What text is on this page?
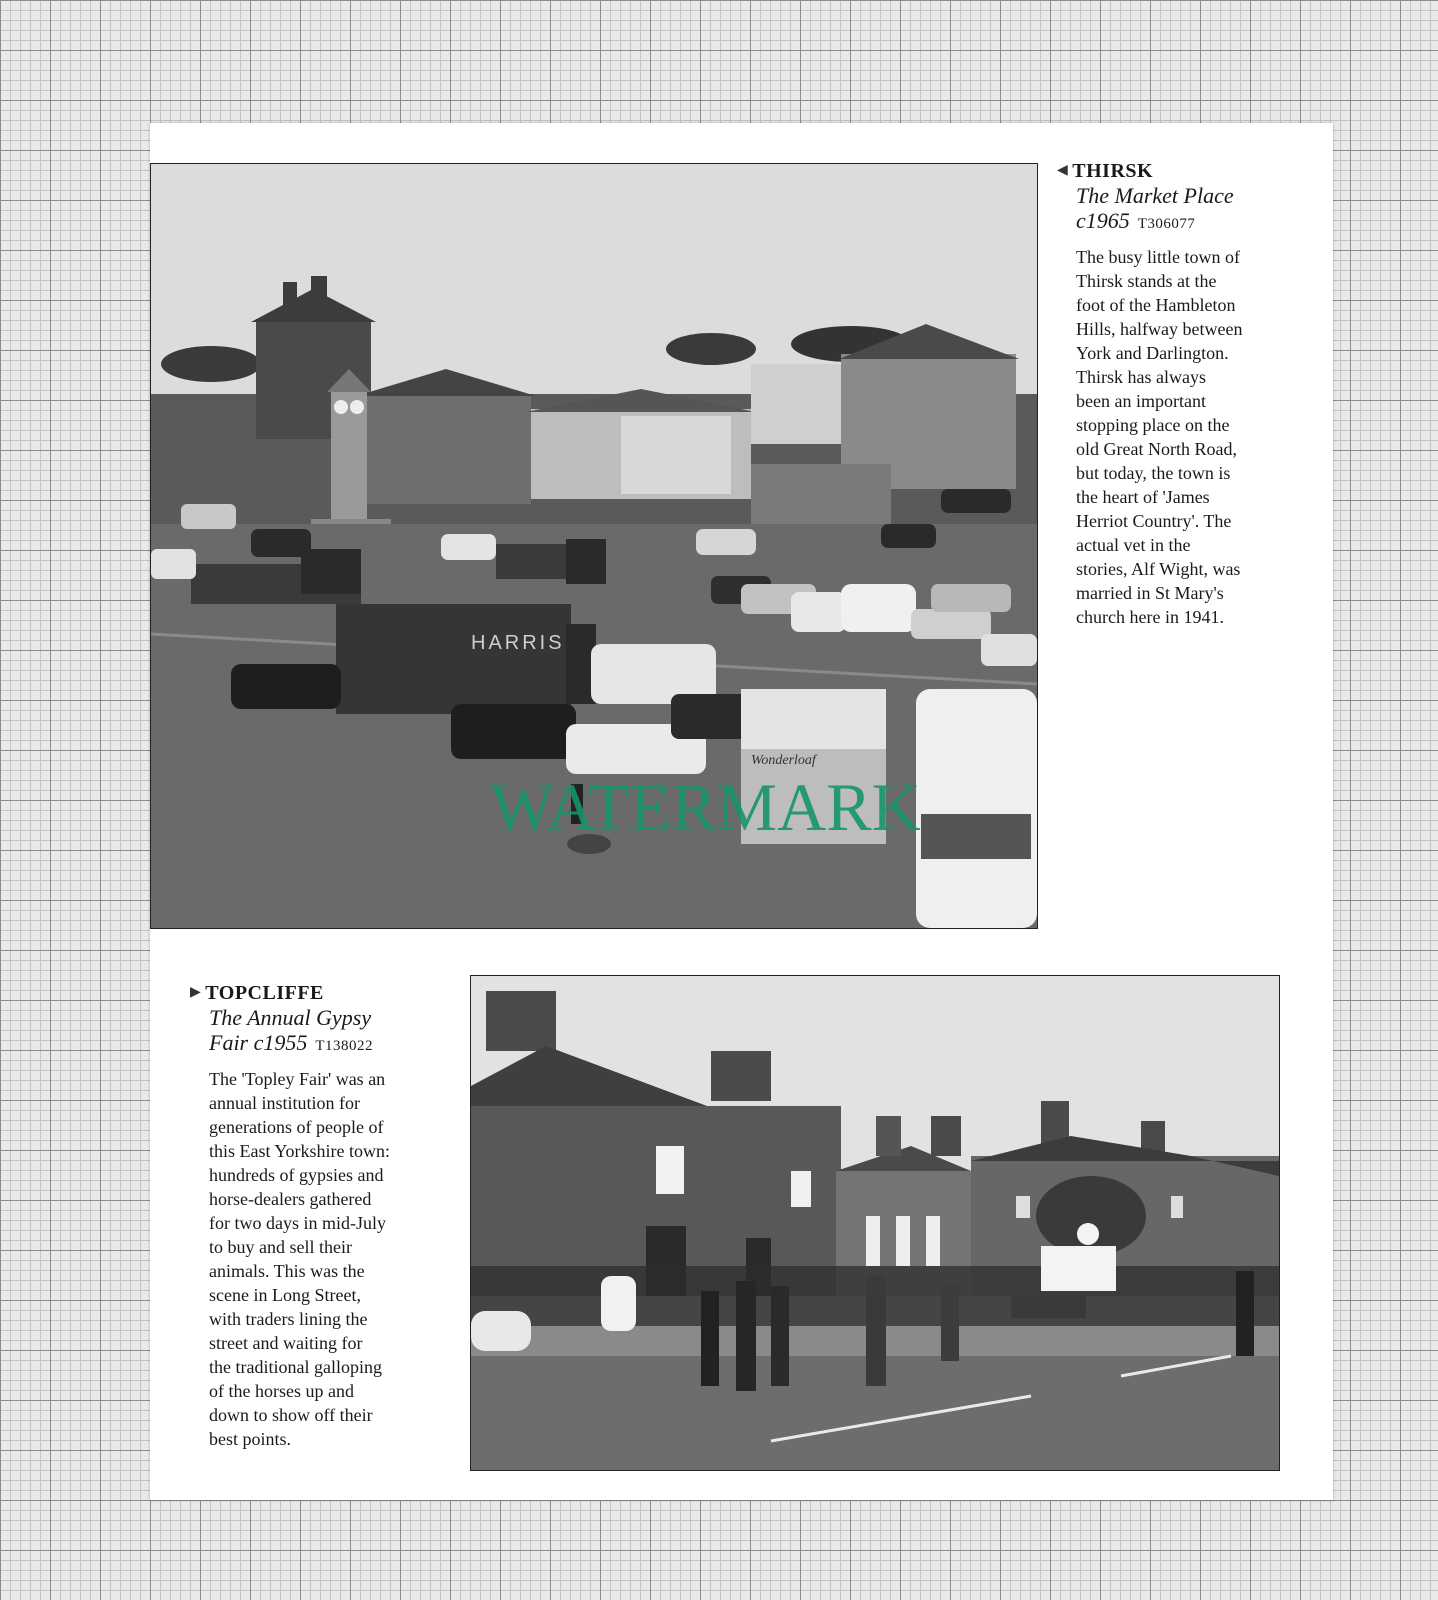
HARRIS
Wonderloaf
◀ THIRSK
The Market Place
c1965 T306077

The busy little town of

Thirsk stands at the

foot of the Hambleton

Hills, halfway between

York and Darlington.

Thirsk has always

been an important

stopping place on the

old Great North Road,

but today, the town is

the heart of 'James

Herriot Country'. The

actual vet in the

stories, Alf Wight, was

married in St Mary's

church here in 1941.

▶ TOPCLIFFE
The Annual Gypsy
Fair c1955 T138022

The 'Topley Fair' was an

annual institution for

generations of people of

this East Yorkshire town:

hundreds of gypsies and

horse-dealers gathered

for two days in mid-July

to buy and sell their

animals. This was the

scene in Long Street,

with traders lining the

street and waiting for

the traditional galloping

of the horses up and

down to show off their

best points.

WATERMARK
